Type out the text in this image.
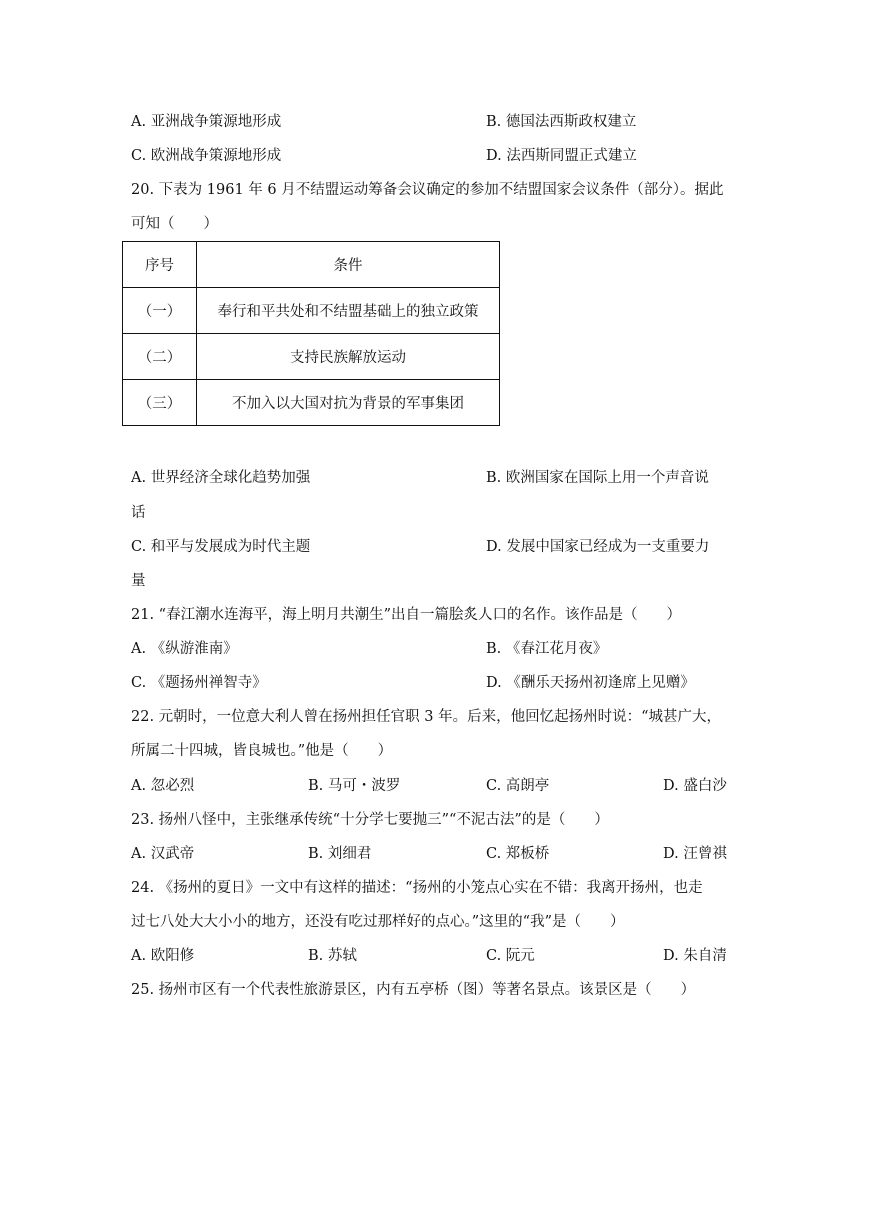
A. 亚洲战争策源地形成	B. 德国法西斯政权建立
C. 欧洲战争策源地形成	D. 法西斯同盟正式建立
20. 下表为 1961 年 6 月不结盟运动筹备会议确定的参加不结盟国家会议条件（部分）。据此
可知（　　）
序号	条件
（一）	奉行和平共处和不结盟基础上的独立政策
（二）	支持民族解放运动
（三）	不加入以大国对抗为背景的军事集团
A. 世界经济全球化趋势加强	B. 欧洲国家在国际上用一个声音说
话
C. 和平与发展成为时代主题	D. 发展中国家已经成为一支重要力
量
21. “春江潮水连海平，海上明月共潮生”出自一篇脍炙人口的名作。该作品是（　　）
A. 《纵游淮南》	B. 《春江花月夜》
C. 《题扬州禅智寺》	D. 《酬乐天扬州初逢席上见赠》
22. 元朝时，一位意大利人曾在扬州担任官职 3 年。后来，他回忆起扬州时说：“城甚广大，
所属二十四城，皆良城也。”他是（　　）
A. 忽必烈	B. 马可・波罗	C. 高朗亭	D. 盛白沙
23. 扬州八怪中，主张继承传统“十分学七要抛三”“不泥古法”的是（　　）
A. 汉武帝	B. 刘细君	C. 郑板桥	D. 汪曾祺
24. 《扬州的夏日》一文中有这样的描述：“扬州的小笼点心实在不错：我离开扬州，也走
过七八处大大小小的地方，还没有吃过那样好的点心。”这里的“我”是（　　）
A. 欧阳修	B. 苏轼	C. 阮元	D. 朱自清
25. 扬州市区有一个代表性旅游景区，内有五亭桥（图）等著名景点。该景区是（　　）
